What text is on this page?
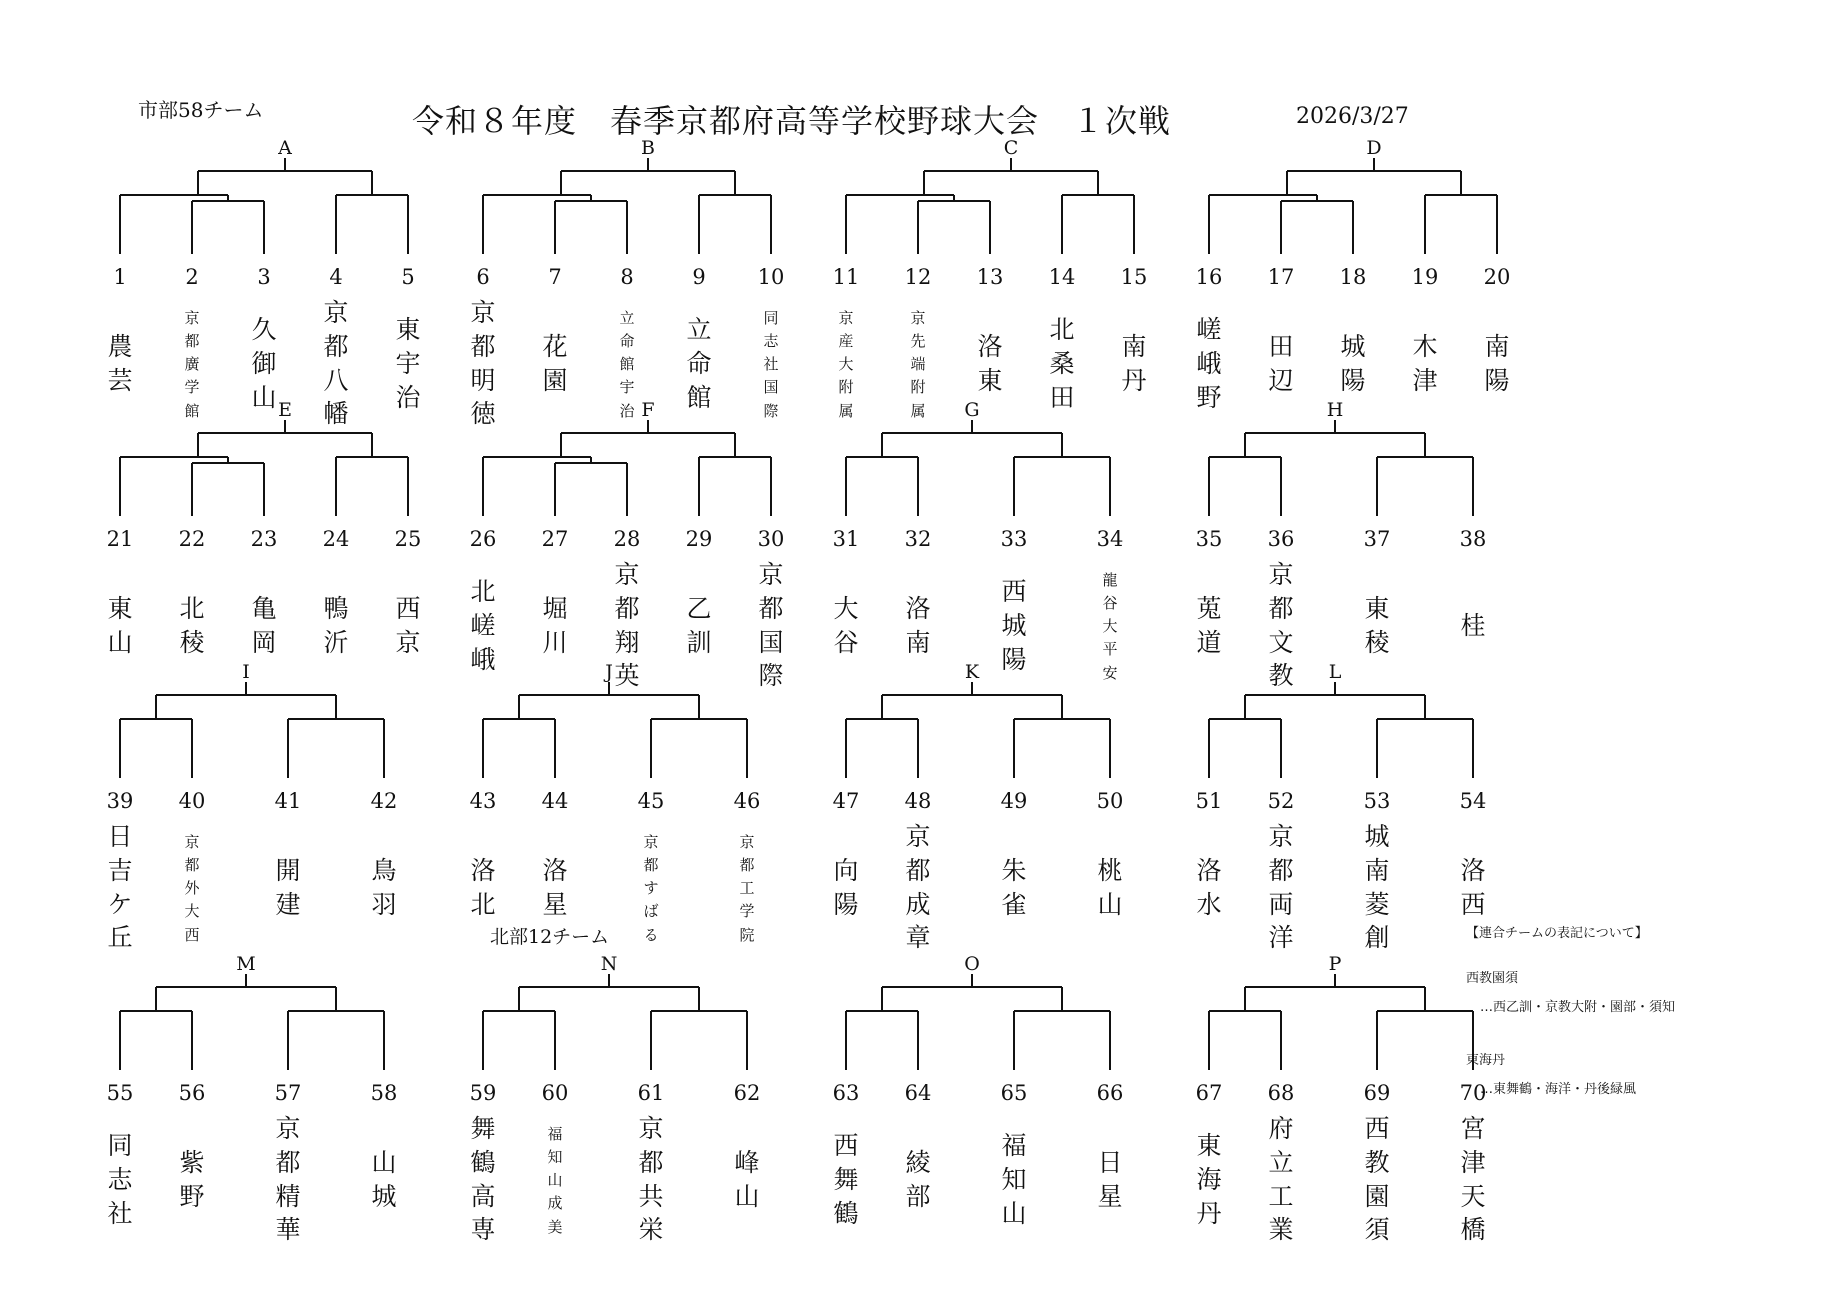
市部58チーム	令和８年度　春季京都府高等学校野球大会　１次戦	2026/3/27
A
1	2	3	4	5
B
6	7	8	9 10
C
11 12 13 14 15
D
16 17 18 19 20
E
21 22 23 24 25
F
26 27 28 29 30
G
31 32	33	34
H
35 36	37	38
I
39 40	41	42
J
43 44	45	46
K
47 48	49	50
L
51 52	53	54
M
55 56	57	58
N
59 60	61	62
O
63 64	65	66
P
67 68	69	70
北部12チーム	【連合チームの表記について】
西教園須
…西乙訓・京教大附・園部・須知
東海丹
…東舞鶴・海洋・丹後緑風
農
芸
京
都
廣
学
館
久
御
山
京
都
八
幡
東
宇
治
京
都
明
徳
花
園
立
命
館
宇
治
立
命
館
同
志
社
国
際
京
産
大
附
属
京
先
端
附
属
洛
東
北
桑
田
南
丹
嵯
峨
野
田
辺
城
陽
木
津
南
陽
東
山
北
稜
亀
岡
鴨
沂
西
京
北
嵯
峨
堀
川
京
都
翔
英
乙
訓
京
都
国
際
大
谷
洛
南
西
城
陽
龍
谷
大
平
安
莵
道
京
都
文
教
東
稜
桂
日
吉
ケ
丘
京
都
外
大
西
開
建
鳥
羽
洛
北
洛
星
京
都
す
ば
る
京
都
工
学
院
向
陽
京
都
成
章
朱
雀
桃
山
洛
水
京
都
両
洋
城
南
菱
創
洛
西
同
志
社
紫
野
京
都
精
華
山
城
舞
鶴
高
専
福
知
山
成
美
京
都
共
栄
峰
山
西
舞
鶴
綾
部
福
知
山
日
星
東
海
丹
府
立
工
業
西
教
園
須
宮
津
天
橋
